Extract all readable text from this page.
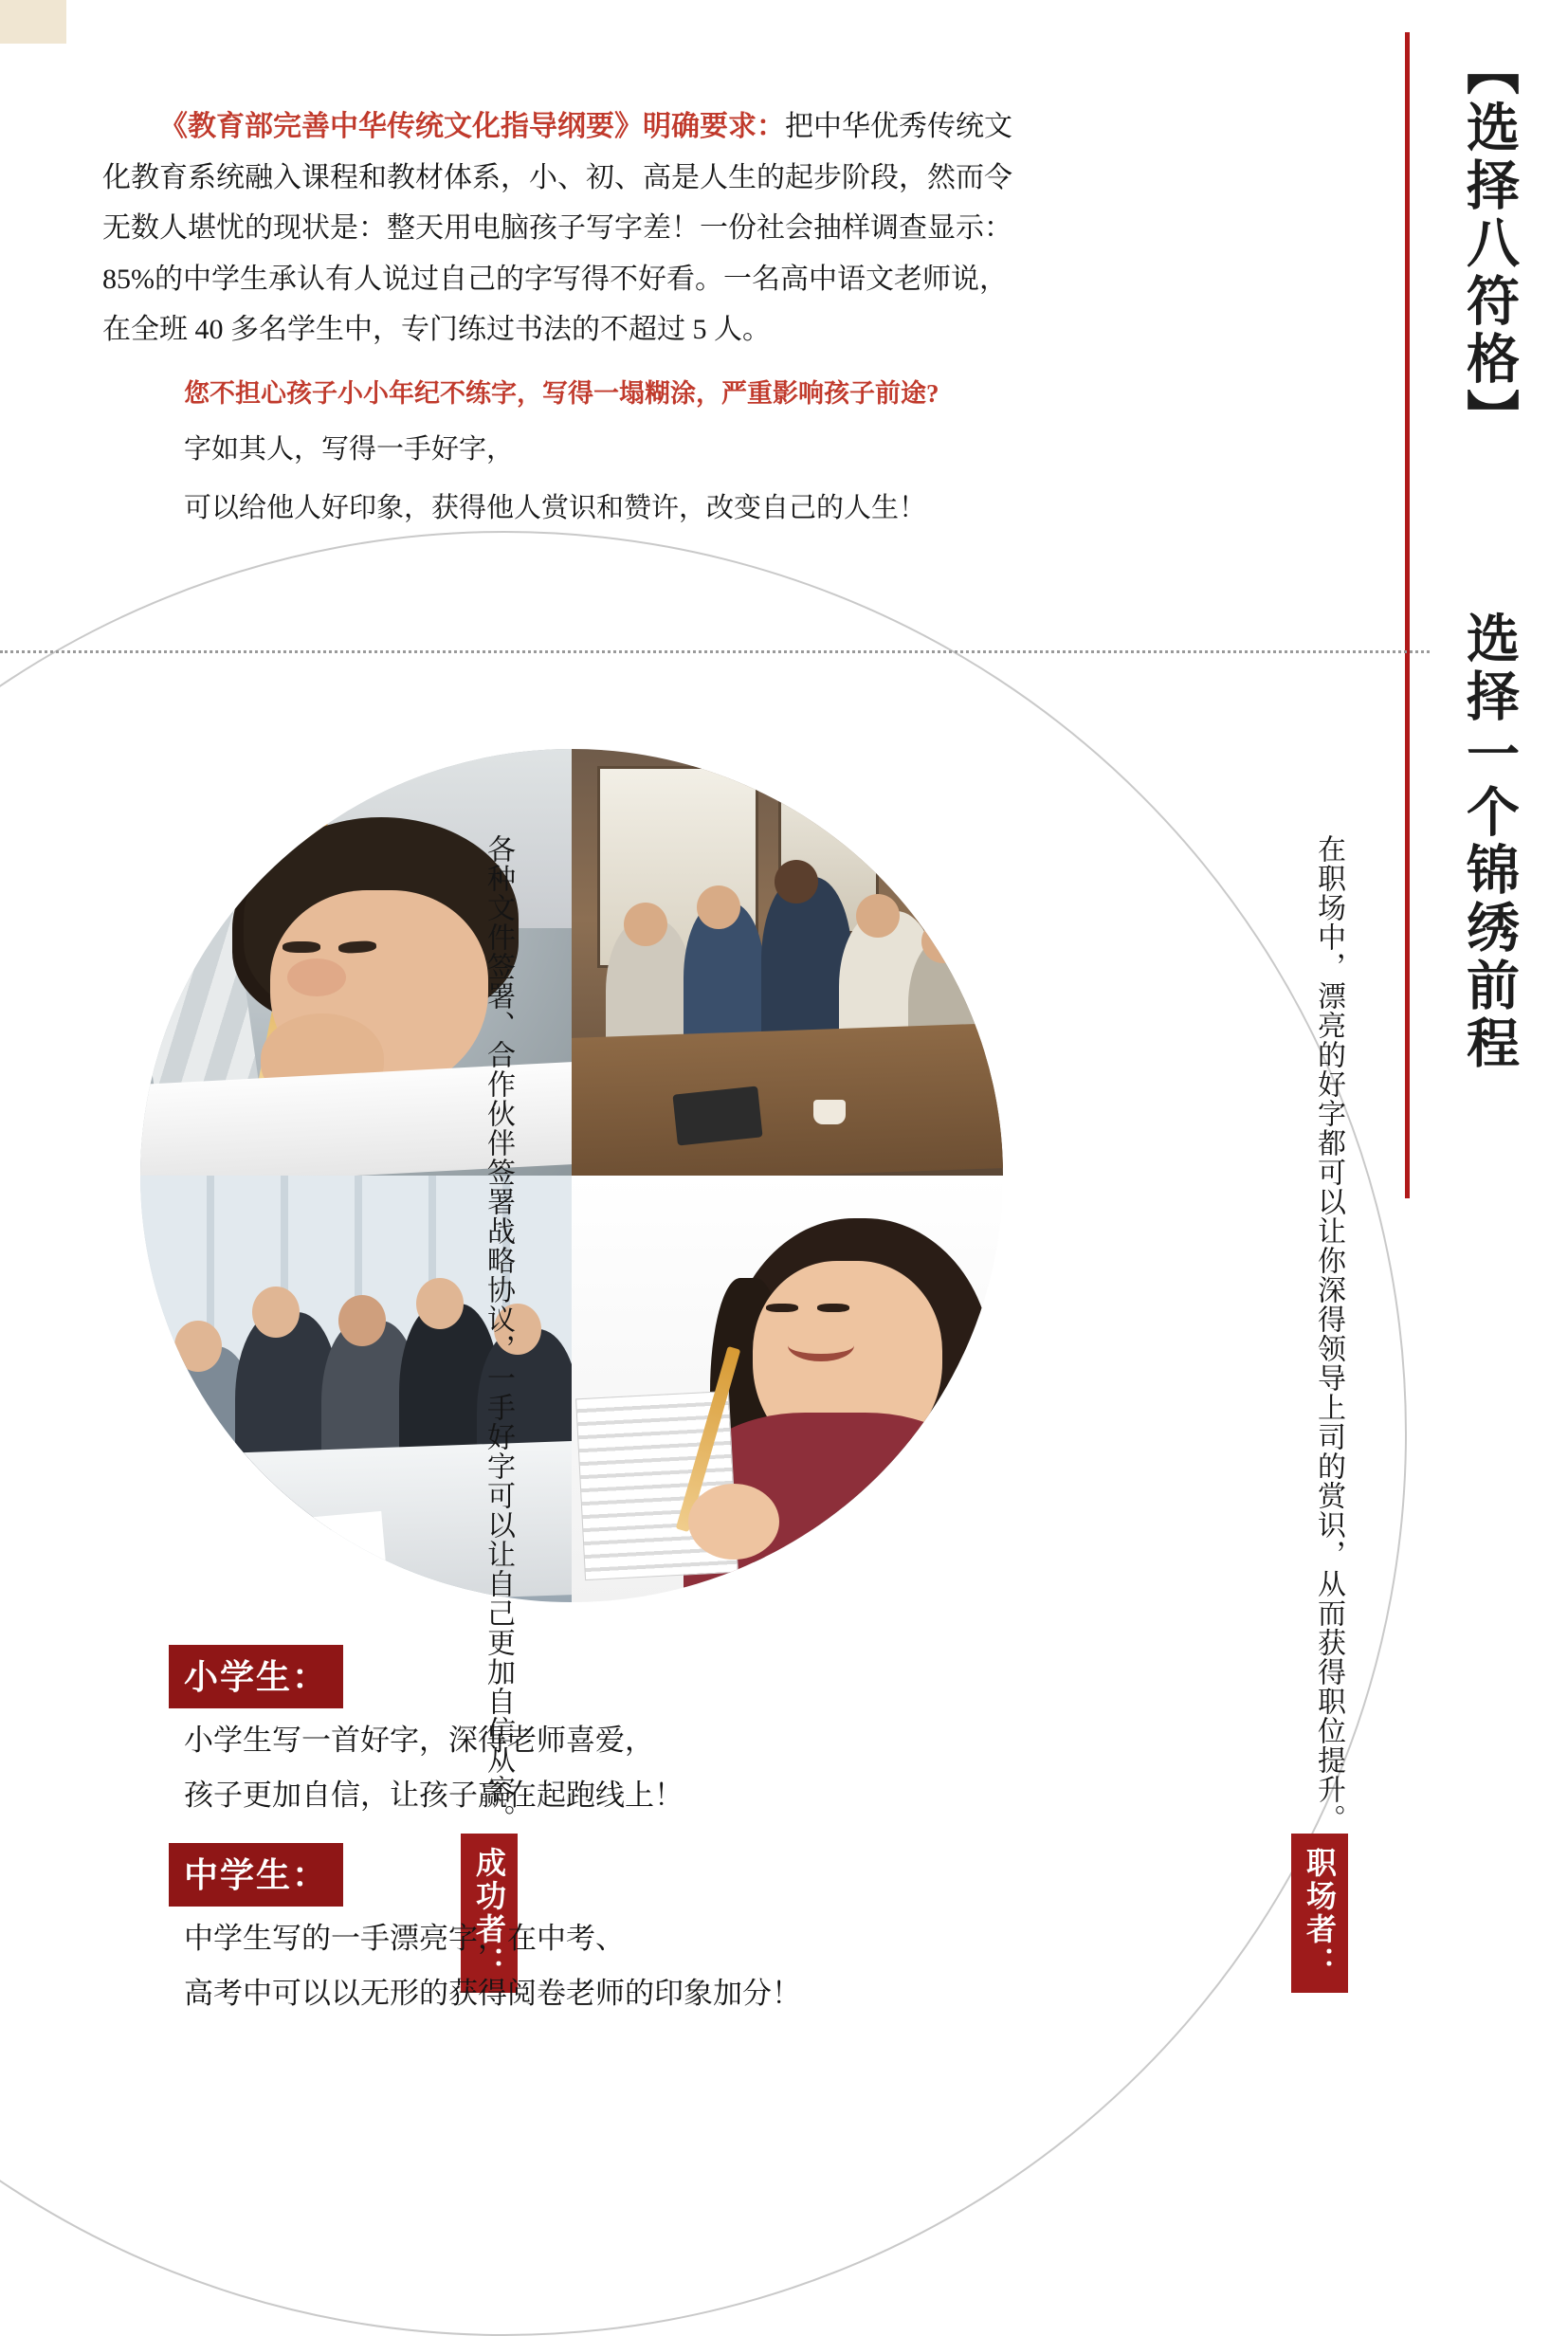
【选择八符格】
选择一个锦绣前程

《教育部完善中华传统文化指导纲要》明确要求：把中华优秀传统文

化教育系统融入课程和教材体系，小、初、高是人生的起步阶段，然而令

无数人堪忧的现状是：整天用电脑孩子写字差！一份社会抽样调查显示：

85%的中学生承认有人说过自己的字写得不好看。一名高中语文老师说，

在全班 40 多名学生中，专门练过书法的不超过 5 人。

您不担心孩子小小年纪不练字，写得一塌糊涂，严重影响孩子前途?

字如其人，写得一手好字，

可以给他人好印象，获得他人赏识和赞许，改变自己的人生！

职场者：
在职场中，漂亮的好字都可以让你深得领导上司的赏识，从而获得职位提升。
成功者：
各种文件签署、合作伙伴签署战略协议，一手好字可以让自己更加自信从容。
小学生：
小学生写一首好字，深得老师喜爱，
孩子更加自信，让孩子赢在起跑线上！
中学生：
中学生写的一手漂亮字，在中考、
高考中可以以无形的获得阅卷老师的印象加分！
